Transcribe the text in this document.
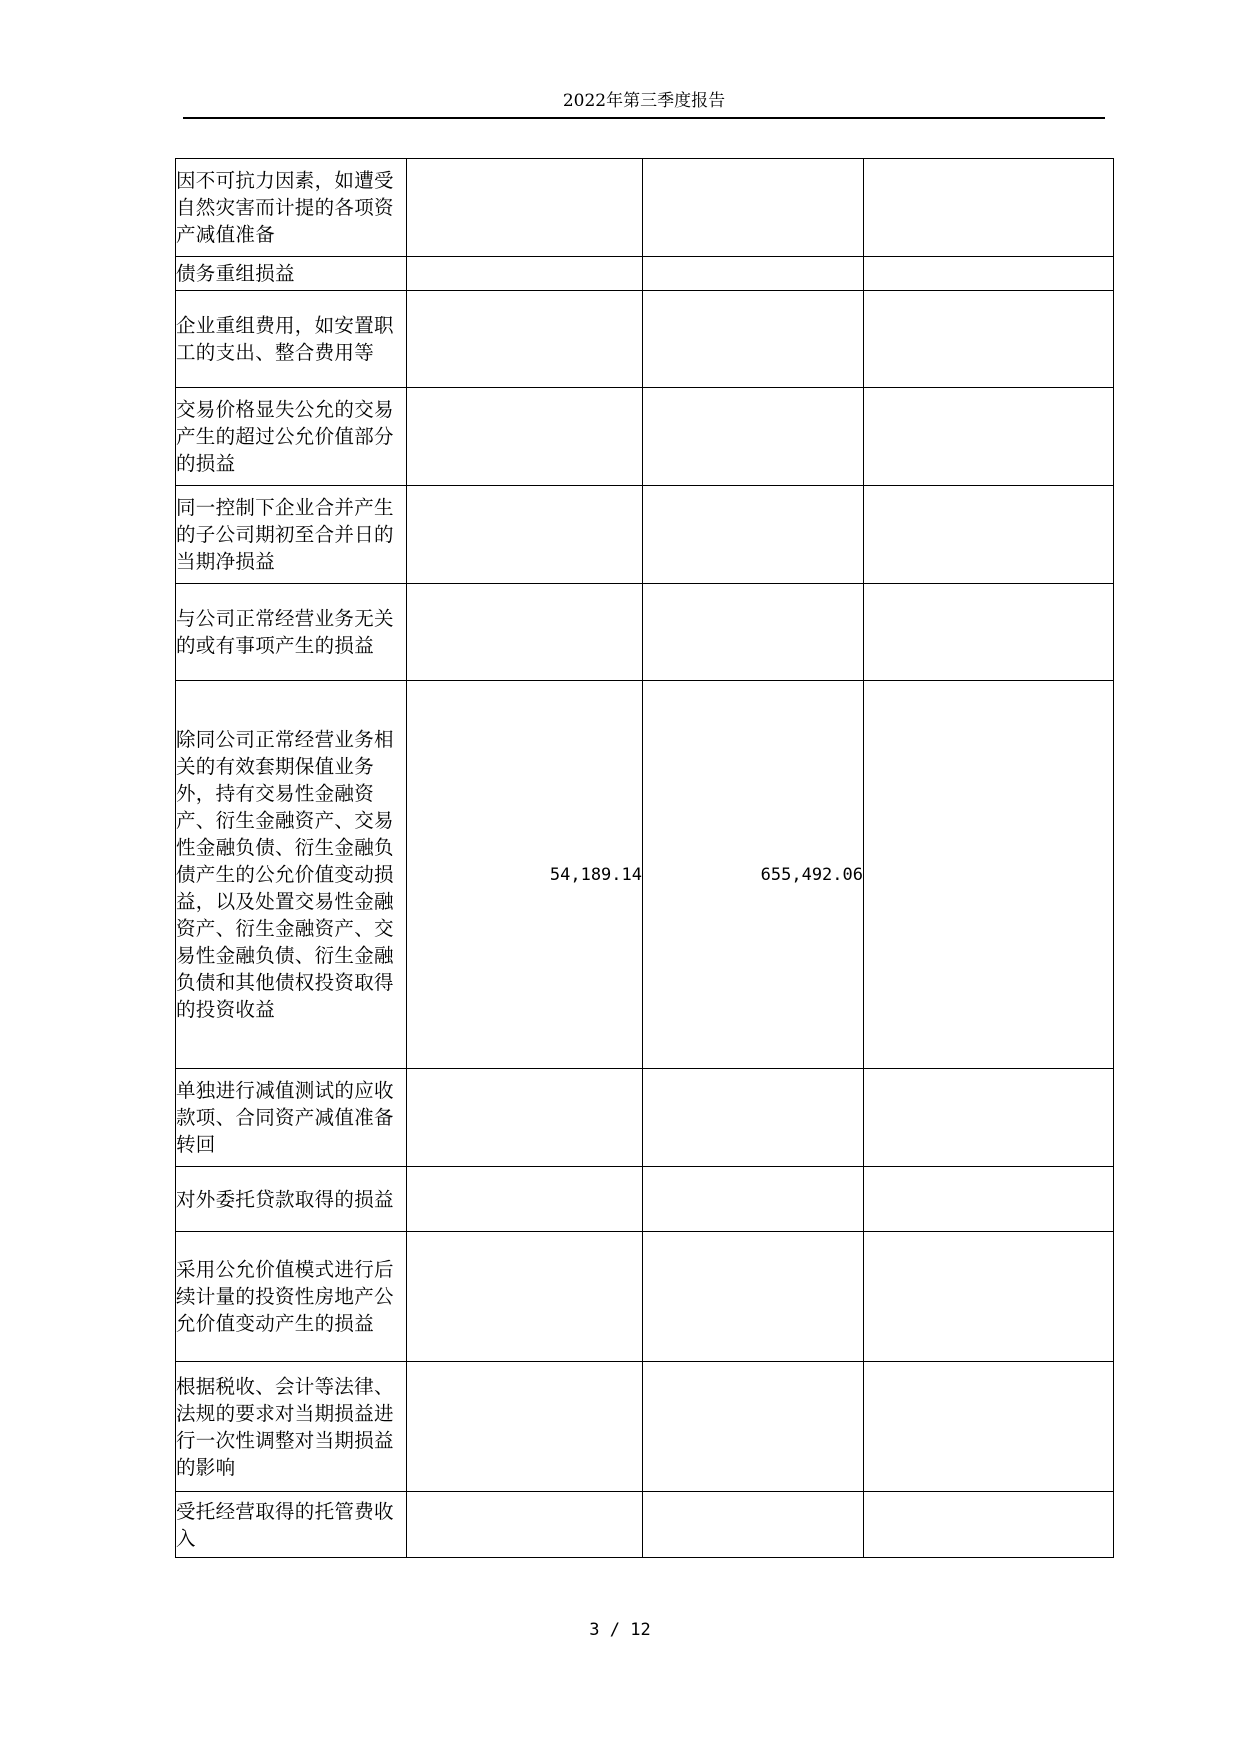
2022年第三季度报告
因不可抗力因素，如遭受自然灾害而计提的各项资产减值准备			
债务重组损益			
企业重组费用，如安置职工的支出、整合费用等			
交易价格显失公允的交易产生的超过公允价值部分的损益			
同一控制下企业合并产生的子公司期初至合并日的当期净损益			
与公司正常经营业务无关的或有事项产生的损益			
除同公司正常经营业务相关的有效套期保值业务外，持有交易性金融资产、衍生金融资产、交易性金融负债、衍生金融负债产生的公允价值变动损益，以及处置交易性金融资产、衍生金融资产、交易性金融负债、衍生金融负债和其他债权投资取得的投资收益	54,189.14	655,492.06	
单独进行减值测试的应收款项、合同资产减值准备转回			
对外委托贷款取得的损益			
采用公允价值模式进行后续计量的投资性房地产公允价值变动产生的损益			
根据税收、会计等法律、法规的要求对当期损益进行一次性调整对当期损益的影响			
受托经营取得的托管费收入			
3 / 12
